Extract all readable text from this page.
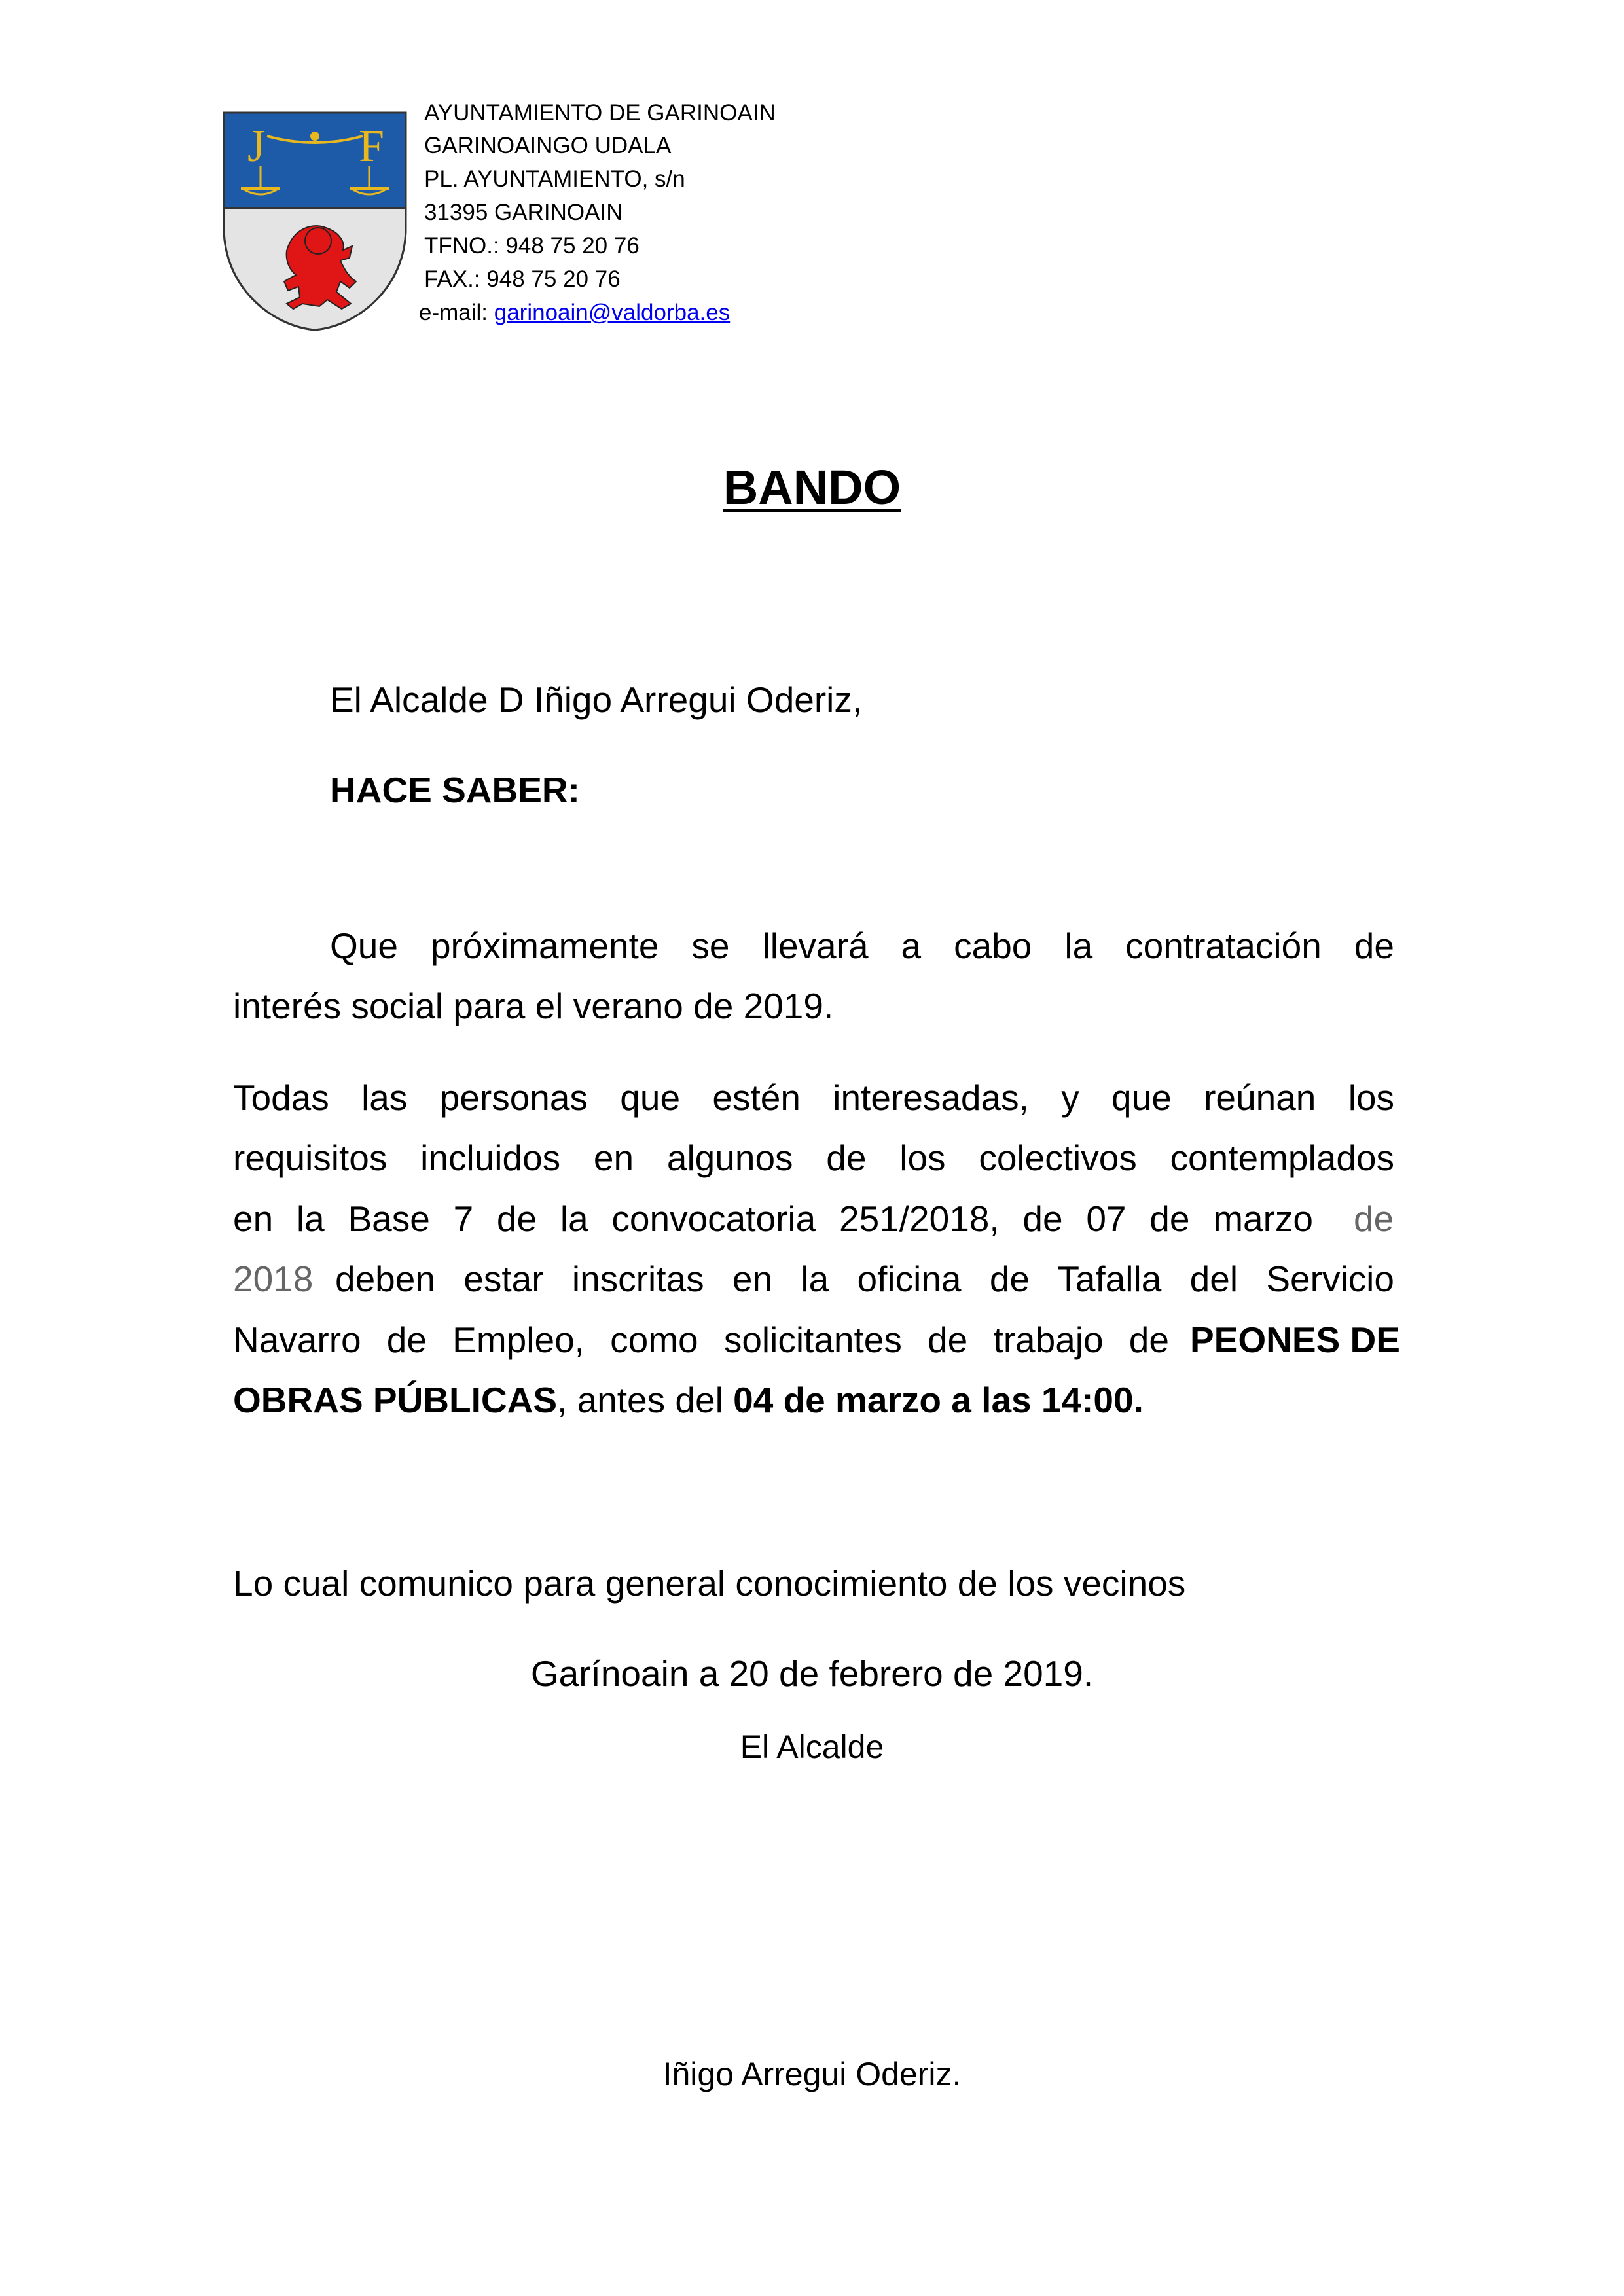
J F
AYUNTAMIENTO DE GARINOAIN
GARINOAINGO UDALA
PL. AYUNTAMIENTO, s/n
31395 GARINOAIN
TFNO.: 948 75 20 76
FAX.: 948 75 20 76
e-mail: garinoain@valdorba.es
BANDO
El Alcalde D Iñigo Arregui Oderiz,
HACE SABER:
Que próximamente se llevará a cabo la contratación de
interés social para el verano de 2019.
Todas las personas que estén interesadas, y que reúnan los
requisitos incluidos en algunos de los colectivos contemplados
en la Base 7 de la convocatoria 251/2018, de 07 de marzo de
2018 deben estar inscritas en la oficina de Tafalla del Servicio
Navarro de Empleo, como solicitantes de trabajo de PEONES DE
OBRAS PÚBLICAS, antes del 04 de marzo a las 14:00.
Lo cual comunico para general conocimiento de los vecinos
Garínoain a 20 de febrero de 2019.
El Alcalde
Iñigo Arregui Oderiz.
